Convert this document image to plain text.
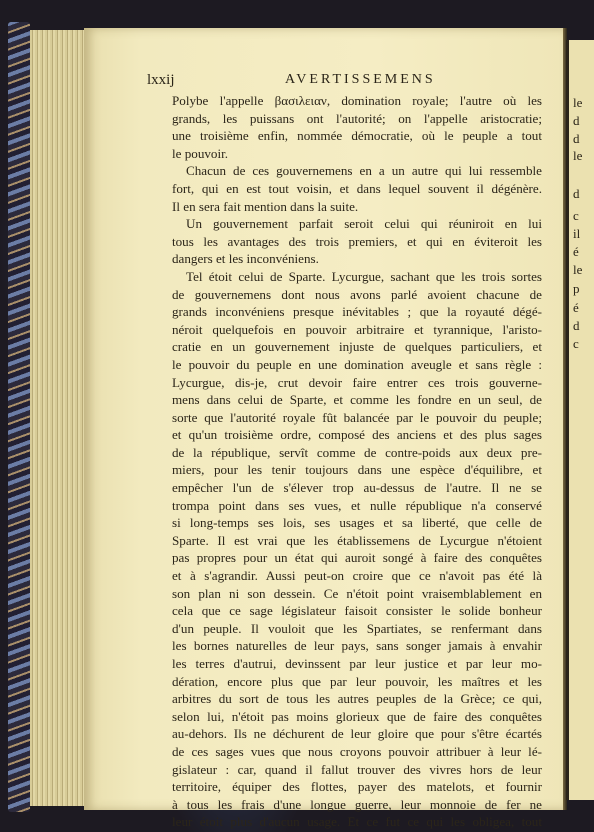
le
d
d
le
d
c
il
é
le
p
é
d
c
lxxij	AVERTISSEMENS
Polybe l'appelle βασιλειαν, domination royale; l'autre où les
grands, les puissans ont l'autorité; on l'appelle aristocratie;
une troisième enfin, nommée démocratie, où le peuple a tout
le pouvoir.
Chacun de ces gouvernemens en a un autre qui lui ressemble
fort, qui en est tout voisin, et dans lequel souvent il dégénère.
Il en sera fait mention dans la suite.
Un gouvernement parfait seroit celui qui réuniroit en lui
tous les avantages des trois premiers, et qui en éviteroit les
dangers et les inconvéniens.
Tel étoit celui de Sparte. Lycurgue, sachant que les trois sortes
de gouvernemens dont nous avons parlé avoient chacune de
grands inconvéniens presque inévitables ; que la royauté dégé-
néroit quelquefois en pouvoir arbitraire et tyrannique, l'aristo-
cratie en un gouvernement injuste de quelques particuliers, et
le pouvoir du peuple en une domination aveugle et sans règle :
Lycurgue, dis-je, crut devoir faire entrer ces trois gouverne-
mens dans celui de Sparte, et comme les fondre en un seul, de
sorte que l'autorité royale fût balancée par le pouvoir du peuple;
et qu'un troisième ordre, composé des anciens et des plus sages
de la république, servît comme de contre-poids aux deux pre-
miers, pour les tenir toujours dans une espèce d'équilibre, et
empêcher l'un de s'élever trop au-dessus de l'autre. Il ne se
trompa point dans ses vues, et nulle république n'a conservé
si long-temps ses lois, ses usages et sa liberté, que celle de
Sparte. Il est vrai que les établissemens de Lycurgue n'étoient
pas propres pour un état qui auroit songé à faire des conquêtes
et à s'agrandir. Aussi peut-on croire que ce n'avoit pas été là
son plan ni son dessein. Ce n'étoit point vraisemblablement en
cela que ce sage législateur faisoit consister le solide bonheur
d'un peuple. Il vouloit que les Spartiates, se renfermant dans
les bornes naturelles de leur pays, sans songer jamais à envahir
les terres d'autrui, devinssent par leur justice et par leur mo-
dération, encore plus que par leur pouvoir, les maîtres et les
arbitres du sort de tous les autres peuples de la Grèce; ce qui,
selon lui, n'étoit pas moins glorieux que de faire des conquêtes
au-dehors. Ils ne déchurent de leur gloire que pour s'être écartés
de ces sages vues que nous croyons pouvoir attribuer à leur lé-
gislateur : car, quand il fallut trouver des vivres hors de leur
territoire, équiper des flottes, payer des matelots, et fournir
à tous les frais d'une longue guerre, leur monnoie de fer ne
leur étoit plus d'aucun usage. Et ce fut ce qui les obligea, tout
